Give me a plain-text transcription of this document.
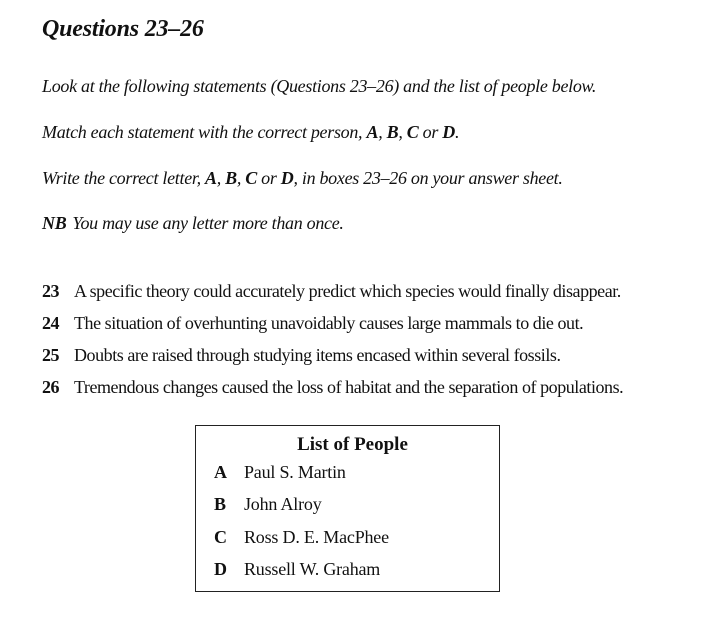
Questions 23–26
Look at the following statements (Questions 23–26) and the list of people below.
Match each statement with the correct person, A, B, C or D.
Write the correct letter, A, B, C or D, in boxes 23–26 on your answer sheet.
NB You may use any letter more than once.
23 A specific theory could accurately predict which species would finally disappear.
24 The situation of overhunting unavoidably causes large mammals to die out.
25 Doubts are raised through studying items encased within several fossils.
26 Tremendous changes caused the loss of habitat and the separation of populations.
List of People
A Paul S. Martin
B	John Alroy
C Ross D. E. MacPhee
D Russell W. Graham
